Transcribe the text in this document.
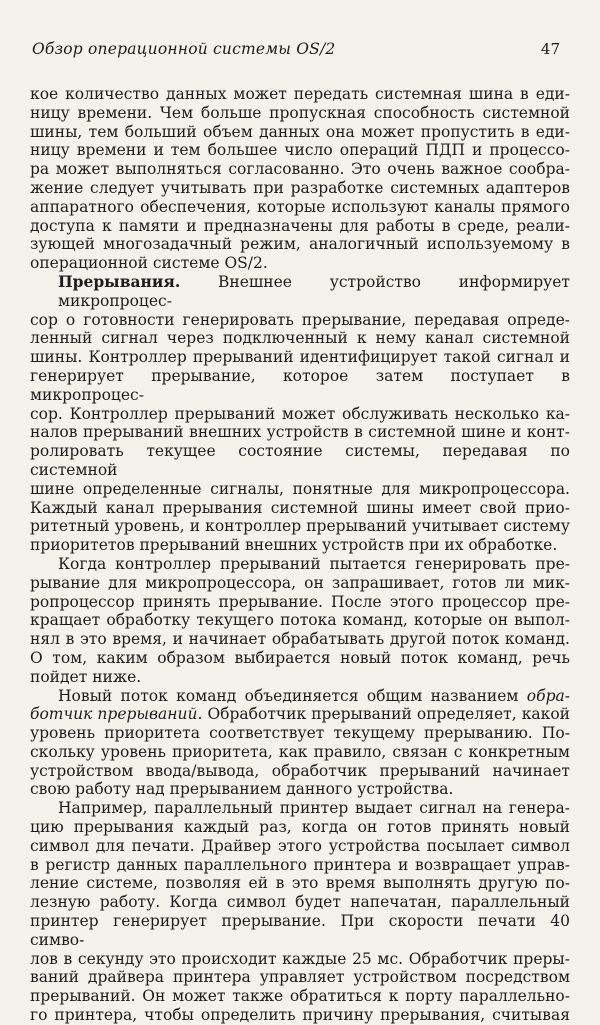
Обзор операционной системы OS/2	47
кое количество данных может передать системная шина в еди-
ницу времени. Чем больше пропускная способность системной
шины, тем больший объем данных она может пропустить в еди-
ницу времени и тем большее число операций ПДП и процессо-
ра может выполняться согласованно. Это очень важное сообра-
жение следует учитывать при разработке системных адаптеров
аппаратного обеспечения, которые используют каналы прямого
доступа к памяти и предназначены для работы в среде, реали-
зующей многозадачный режим, аналогичный используемому в
операционной системе OS/2.
Прерывания. Внешнее устройство информирует микропроцес-
сор о готовности генерировать прерывание, передавая опреде-
ленный сигнал через подключенный к нему канал системной
шины. Контроллер прерываний идентифицирует такой сигнал и
генерирует прерывание, которое затем поступает в микропроцес-
сор. Контроллер прерываний может обслуживать несколько ка-
налов прерываний внешних устройств в системной шине и конт-
ролировать текущее состояние системы, передавая по системной
шине определенные сигналы, понятные для микропроцессора.
Каждый канал прерывания системной шины имеет свой прио-
ритетный уровень, и контроллер прерываний учитывает систему
приоритетов прерываний внешних устройств при их обработке.
Когда контроллер прерываний пытается генерировать пре-
рывание для микропроцессора, он запрашивает, готов ли мик-
ропроцессор принять прерывание. После этого процессор пре-
кращает обработку текущего потока команд, которые он выпол-
нял в это время, и начинает обрабатывать другой поток команд.
О том, каким образом выбирается новый поток команд, речь
пойдет ниже.
Новый поток команд объединяется общим названием обра-
ботчик прерываний. Обработчик прерываний определяет, какой
уровень приоритета соответствует текущему прерыванию. По-
скольку уровень приоритета, как правило, связан с конкретным
устройством ввода/вывода, обработчик прерываний начинает
свою работу над прерыванием данного устройства.
Например, параллельный принтер выдает сигнал на генера-
цию прерывания каждый раз, когда он готов принять новый
символ для печати. Драйвер этого устройства посылает символ
в регистр данных параллельного принтера и возвращает управ-
ление системе, позволяя ей в это время выполнять другую по-
лезную работу. Когда символ будет напечатан, параллельный
принтер генерирует прерывание. При скорости печати 40 симво-
лов в секунду это происходит каждые 25 мс. Обработчик преры-
ваний драйвера принтера управляет устройством посредством
прерываний. Он может также обратиться к порту параллельно-
го принтера, чтобы определить причину прерывания, считывая
